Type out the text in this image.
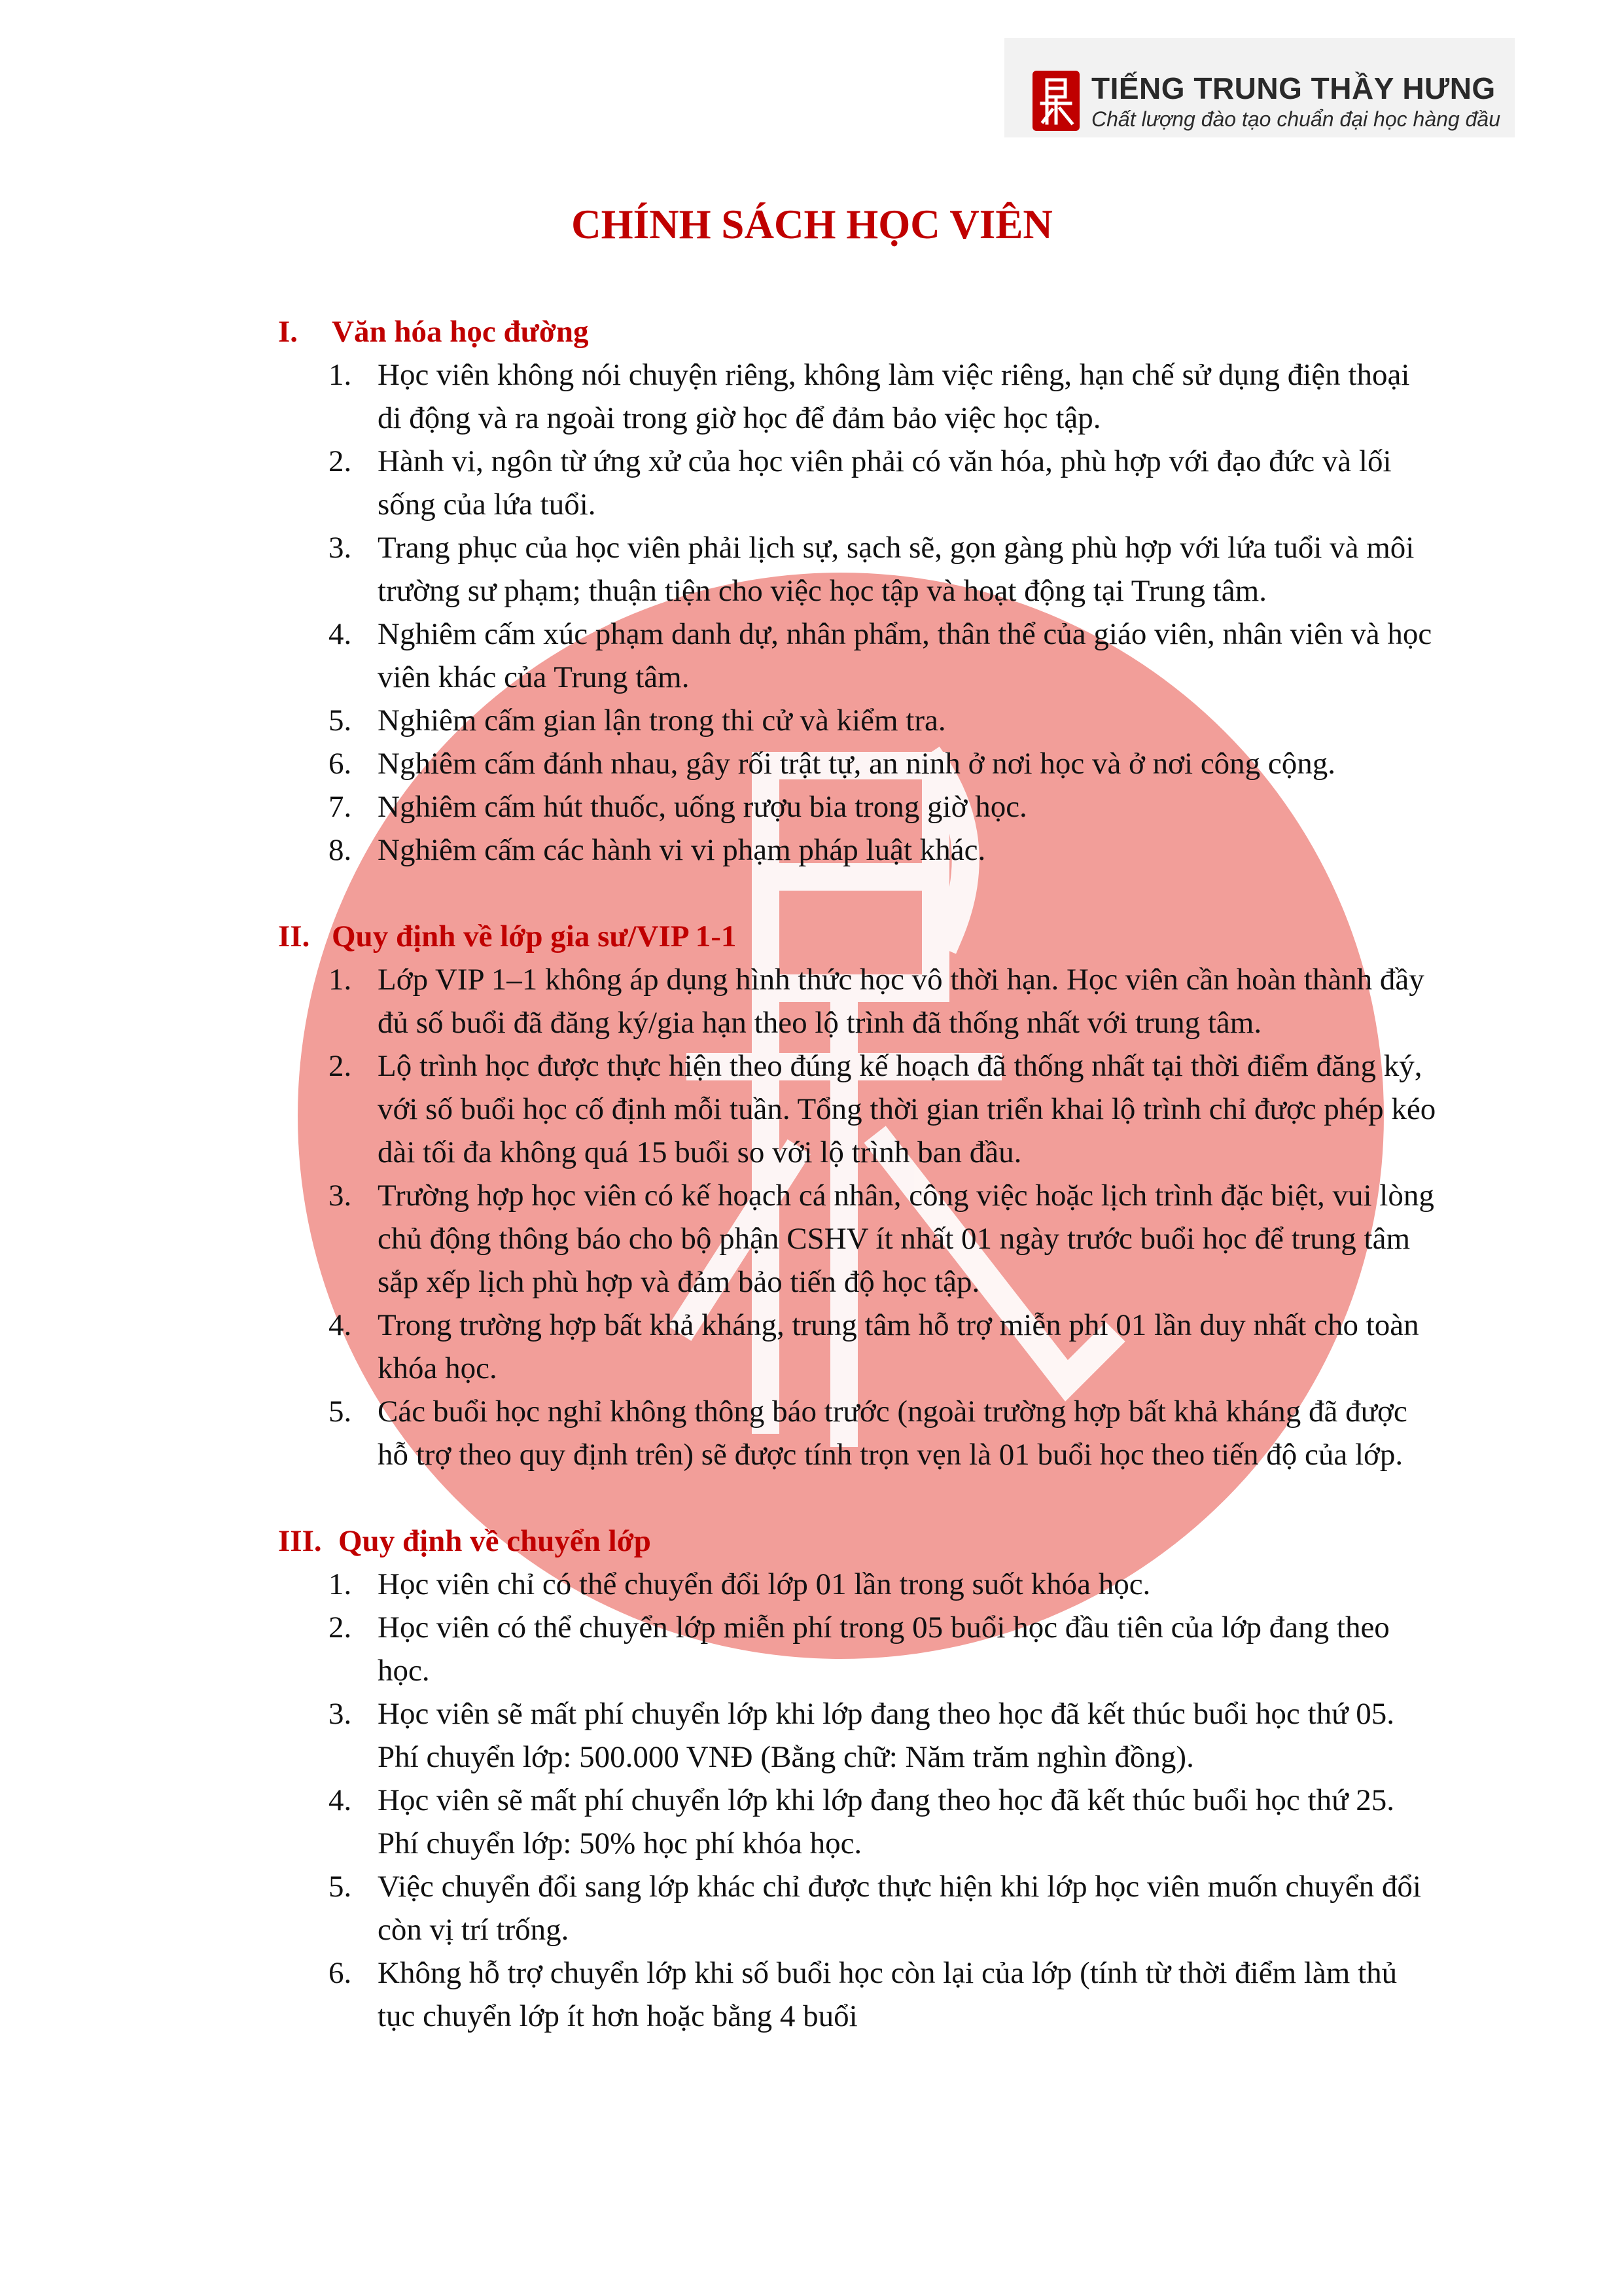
TIẾNG TRUNG THẦY HƯNG
Chất lượng đào tạo chuẩn đại học hàng đầu
CHÍNH SÁCH HỌC VIÊN
I. Văn hóa học đường
1. Học viên không nói chuyện riêng, không làm việc riêng, hạn chế sử dụng điện thoại
di động và ra ngoài trong giờ học để đảm bảo việc học tập.
2. Hành vi, ngôn từ ứng xử của học viên phải có văn hóa, phù hợp với đạo đức và lối
sống của lứa tuổi.
3. Trang phục của học viên phải lịch sự, sạch sẽ, gọn gàng phù hợp với lứa tuổi và môi
trường sư phạm; thuận tiện cho việc học tập và hoạt động tại Trung tâm.
4. Nghiêm cấm xúc phạm danh dự, nhân phẩm, thân thể của giáo viên, nhân viên và học
viên khác của Trung tâm.
5. Nghiêm cấm gian lận trong thi cử và kiểm tra.
6. Nghiêm cấm đánh nhau, gây rối trật tự, an ninh ở nơi học và ở nơi công cộng.
7. Nghiêm cấm hút thuốc, uống rượu bia trong giờ học.
8. Nghiêm cấm các hành vi vi phạm pháp luật khác.
II. Quy định về lớp gia sư/VIP 1-1
1. Lớp VIP 1–1 không áp dụng hình thức học vô thời hạn. Học viên cần hoàn thành đầy
đủ số buổi đã đăng ký/gia hạn theo lộ trình đã thống nhất với trung tâm.
2. Lộ trình học được thực hiện theo đúng kế hoạch đã thống nhất tại thời điểm đăng ký,
với số buổi học cố định mỗi tuần. Tổng thời gian triển khai lộ trình chỉ được phép kéo
dài tối đa không quá 15 buổi so với lộ trình ban đầu.
3. Trường hợp học viên có kế hoạch cá nhân, công việc hoặc lịch trình đặc biệt, vui lòng
chủ động thông báo cho bộ phận CSHV ít nhất 01 ngày trước buổi học để trung tâm
sắp xếp lịch phù hợp và đảm bảo tiến độ học tập.
4. Trong trường hợp bất khả kháng, trung tâm hỗ trợ miễn phí 01 lần duy nhất cho toàn
khóa học.
5. Các buổi học nghỉ không thông báo trước (ngoài trường hợp bất khả kháng đã được
hỗ trợ theo quy định trên) sẽ được tính trọn vẹn là 01 buổi học theo tiến độ của lớp.
III. Quy định về chuyển lớp
1. Học viên chỉ có thể chuyển đổi lớp 01 lần trong suốt khóa học.
2. Học viên có thể chuyển lớp miễn phí trong 05 buổi học đầu tiên của lớp đang theo
học.
3. Học viên sẽ mất phí chuyển lớp khi lớp đang theo học đã kết thúc buổi học thứ 05.
Phí chuyển lớp: 500.000 VNĐ (Bằng chữ: Năm trăm nghìn đồng).
4. Học viên sẽ mất phí chuyển lớp khi lớp đang theo học đã kết thúc buổi học thứ 25.
Phí chuyển lớp: 50% học phí khóa học.
5. Việc chuyển đổi sang lớp khác chỉ được thực hiện khi lớp học viên muốn chuyển đổi
còn vị trí trống.
6. Không hỗ trợ chuyển lớp khi số buổi học còn lại của lớp (tính từ thời điểm làm thủ
tục chuyển lớp ít hơn hoặc bằng 4 buổi
